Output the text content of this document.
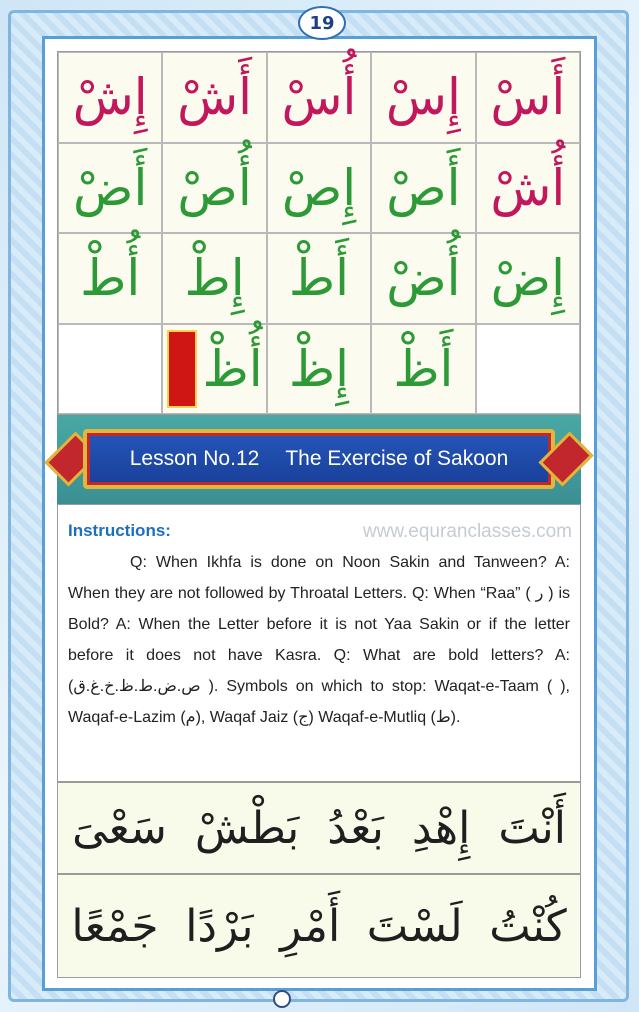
19
إِشْ أَشْ أُسْ إِسْ أَسْ
أَضْ أُصْ إِصْ أَصْ أُشْ
أُطْ إِطْ أَطْ أُضْ إِضْ
أُظْ إِظْ أَظْ
Lesson No.12 The Exercise of Sakoon
Instructions:	www.equranclasses.com
Q: When Ikhfa is done on Noon Sakin and Tanween? A: When they are not followed by Throatal Letters. Q: When “Raa” ( ر ) is Bold? A: When the Letter before it is not Yaa Sakin or if the letter before it does not have Kasra. Q: What are bold letters? A: (ص.ض.ط.ظ.خ.غ.ق ). Symbols on which to stop: Waqat-e-Taam ( ), Waqaf-e-Lazim (م), Waqaf Jaiz (ج) Waqaf-e-Mutliq (ط).
أَنْتَ
إِهْدِ
بَعْدُ
بَطْشْ
سَعْىَ
كُنْتُ
لَسْتَ
أَمْرِ
بَرْدًا
جَمْعًا
